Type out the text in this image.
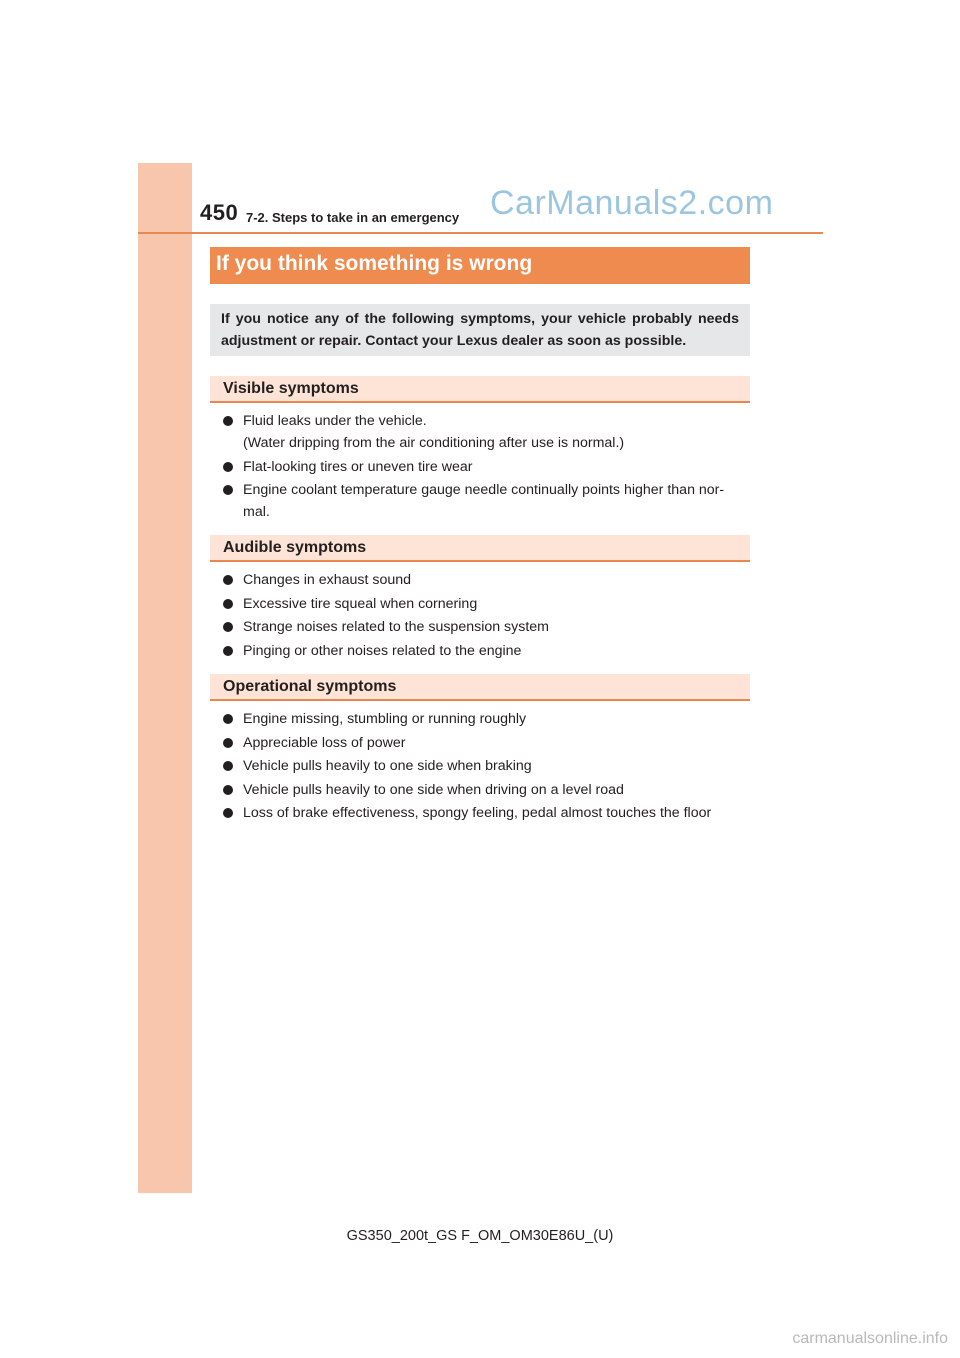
450 7-2. Steps to take in an emergency CarManuals2.com
If you think something is wrong

If you notice any of the following symptoms, your vehicle probably needs adjustment or repair. Contact your Lexus dealer as soon as possible.

Visible symptoms
Fluid leaks under the vehicle.
(Water dripping from the air conditioning after use is normal.)
Flat-looking tires or uneven tire wear
Engine coolant temperature gauge needle continually points higher than nor-
mal.
Audible symptoms
Changes in exhaust sound
Excessive tire squeal when cornering
Strange noises related to the suspension system
Pinging or other noises related to the engine
Operational symptoms
Engine missing, stumbling or running roughly
Appreciable loss of power
Vehicle pulls heavily to one side when braking
Vehicle pulls heavily to one side when driving on a level road
Loss of brake effectiveness, spongy feeling, pedal almost touches the floor
GS350_200t_GS F_OM_OM30E86U_(U)
carmanualsonline.info
